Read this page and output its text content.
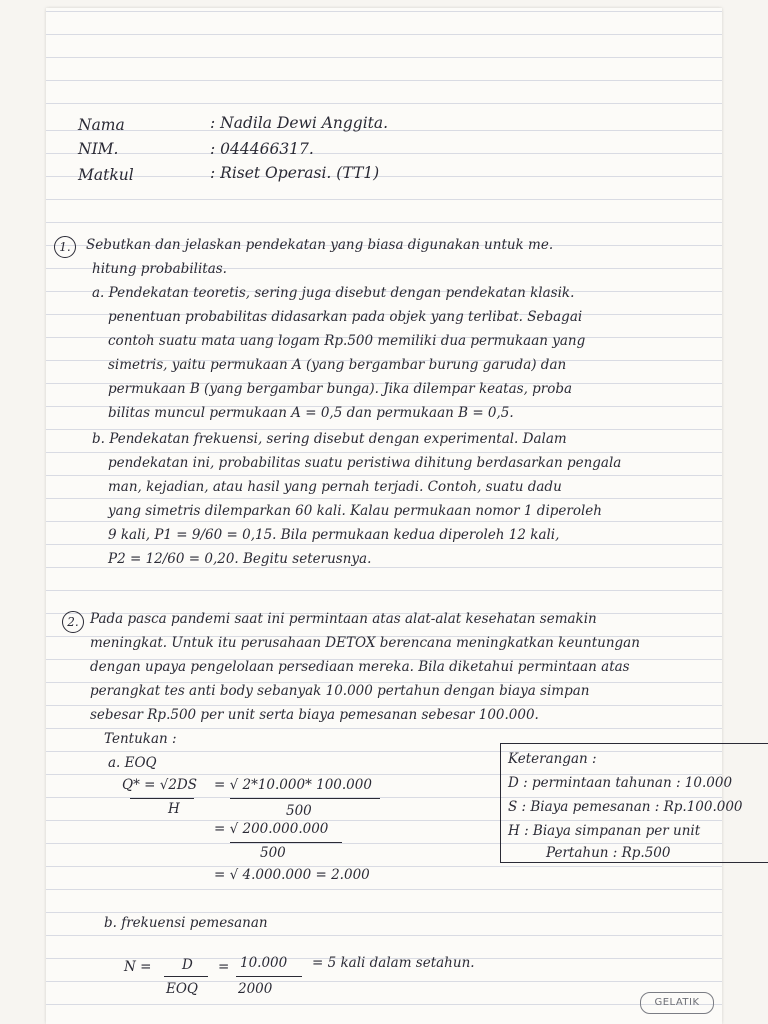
Nama	: Nadila Dewi Anggita.
NIM.	: 044466317.
Matkul	: Riset Operasi. (TT1)
1.	Sebutkan dan jelaskan pendekatan yang biasa digunakan untuk me.
hitung probabilitas.
a. Pendekatan teoretis, sering juga disebut dengan pendekatan klasik.
penentuan probabilitas didasarkan pada objek yang terlibat. Sebagai
contoh suatu mata uang logam Rp.500 memiliki dua permukaan yang
simetris, yaitu permukaan A (yang bergambar burung garuda) dan
permukaan B (yang bergambar bunga). Jika dilempar keatas, proba
bilitas muncul permukaan A = 0,5 dan permukaan B = 0,5.
b. Pendekatan frekuensi, sering disebut dengan experimental. Dalam
pendekatan ini, probabilitas suatu peristiwa dihitung berdasarkan pengala
man, kejadian, atau hasil yang pernah terjadi. Contoh, suatu dadu
yang simetris dilemparkan 60 kali. Kalau permukaan nomor 1 diperoleh
9 kali, P1 = 9/60 = 0,15. Bila permukaan kedua diperoleh 12 kali,
P2 = 12/60 = 0,20. Begitu seterusnya.
2. Pada pasca pandemi saat ini permintaan atas alat-alat kesehatan semakin
meningkat. Untuk itu perusahaan DETOX berencana meningkatkan keuntungan
dengan upaya pengelolaan persediaan mereka. Bila diketahui permintaan atas
perangkat tes anti body sebanyak 10.000 pertahun dengan biaya simpan
sebesar Rp.500 per unit serta biaya pemesanan sebesar 100.000.
Tentukan :
a. EOQ
Q* = √2DS
H
= √ 2*10.000* 100.000
500
= √ 200.000.000
500
= √ 4.000.000 = 2.000
Keterangan :
D : permintaan tahunan : 10.000
S : Biaya pemesanan : Rp.100.000
H : Biaya simpanan per unit
Pertahun : Rp.500
b. frekuensi pemesanan
N = D
EOQ
= 10.000
2000
= 5 kali dalam setahun.
GELATIK
